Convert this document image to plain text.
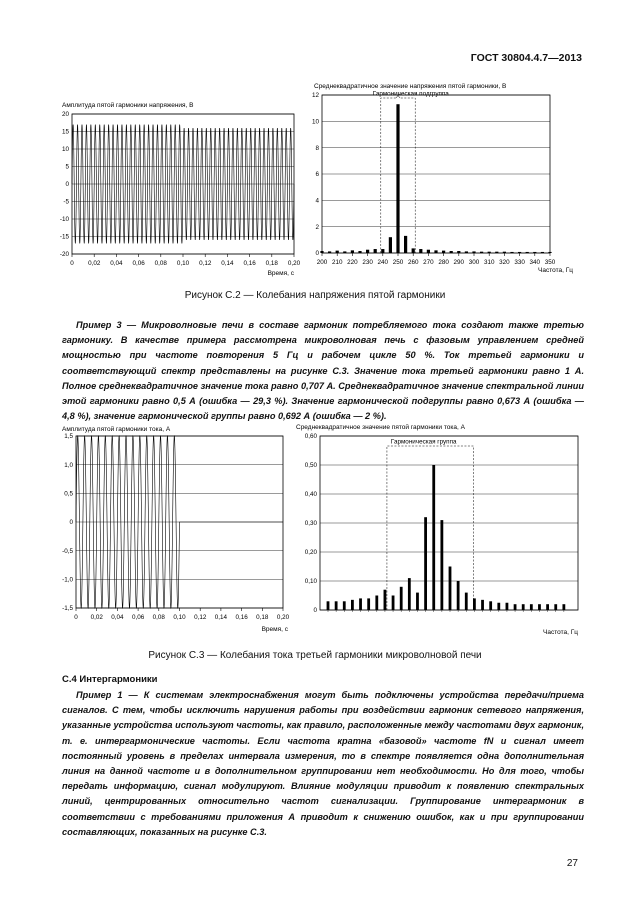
ГОСТ 30804.4.7—2013
Амплитуда пятой гармоники напряжения, В
20
15
10
5
0
-5
-10
-15
-20
0 0,02 0,04 0,06 0,08 0,10 0,12 0,14 0,16 0,18 0,20
Время, с
Среднеквадратичное значение напряжения пятой гармоники, В
Гармоническая подгруппа
12
10
8
6
4
2
0
200 210 220 230 240 250 260 270 280 290 300 310 320 330 340 350
Частота, Гц
Рисунок С.2 — Колебания напряжения пятой гармоники

Пример 3 — Микроволновые печи в составе гармоник потребляемого тока создают также третью гармонику. В качестве примера рассмотрена микроволновая печь с фазовым управлением средней мощностью при частоте повторения 5 Гц и рабочем цикле 50 %. Ток третьей гармоники и соответствующий спектр представлены на рисунке С.3. Значение тока третьей гармоники равно 1 А. Полное среднеквадратичное значение тока равно 0,707 А. Среднеквадратичное значение спектральной линии этой гармоники равно 0,5 А (ошибка — 29,3 %). Значение гармонической подгруппы равно 0,673 А (ошибка — 4,8 %), значение гармонической группы равно 0,692 А (ошибка — 2 %).

Амплитуда пятой гармоники тока, А
1,5
1,0
0,5
0
-0,5
-1,0
-1,5
0 0,02 0,04 0,06 0,08 0,10 0,12 0,14 0,16 0,18 0,20
Время, с
Среднеквадратичное значение пятой гармоники тока, А
Гармоническая группа
0,60
0,50
0,40
0,30
0,20
0,10
0
Частота, Гц
Рисунок С.3 — Колебания тока третьей гармоники микроволновой печи
С.4 Интергармоники

Пример 1 — К системам электроснабжения могут быть подключены устройства передачи/приема сигналов. С тем, чтобы исключить нарушения работы при воздействии гармоник сетевого напряжения, указанные устройства используют частоты, как правило, расположенные между частотами двух гармоник, т. е. интергармонические частоты. Если частота кратна «базовой» частоте fN и сигнал имеет постоянный уровень в пределах интервала измерения, то в спектре появляется одна дополнительная линия на данной частоте и в дополнительном группировании нет необходимости. Но для того, чтобы передать информацию, сигнал модулируют. Влияние модуляции приводит к появлению спектральных линий, центрированных относительно частот сигнализации. Группирование интергармоник в соответствии с требованиями приложения А приводит к снижению ошибок, как и при группировании составляющих, показанных на рисунке С.3.

27
